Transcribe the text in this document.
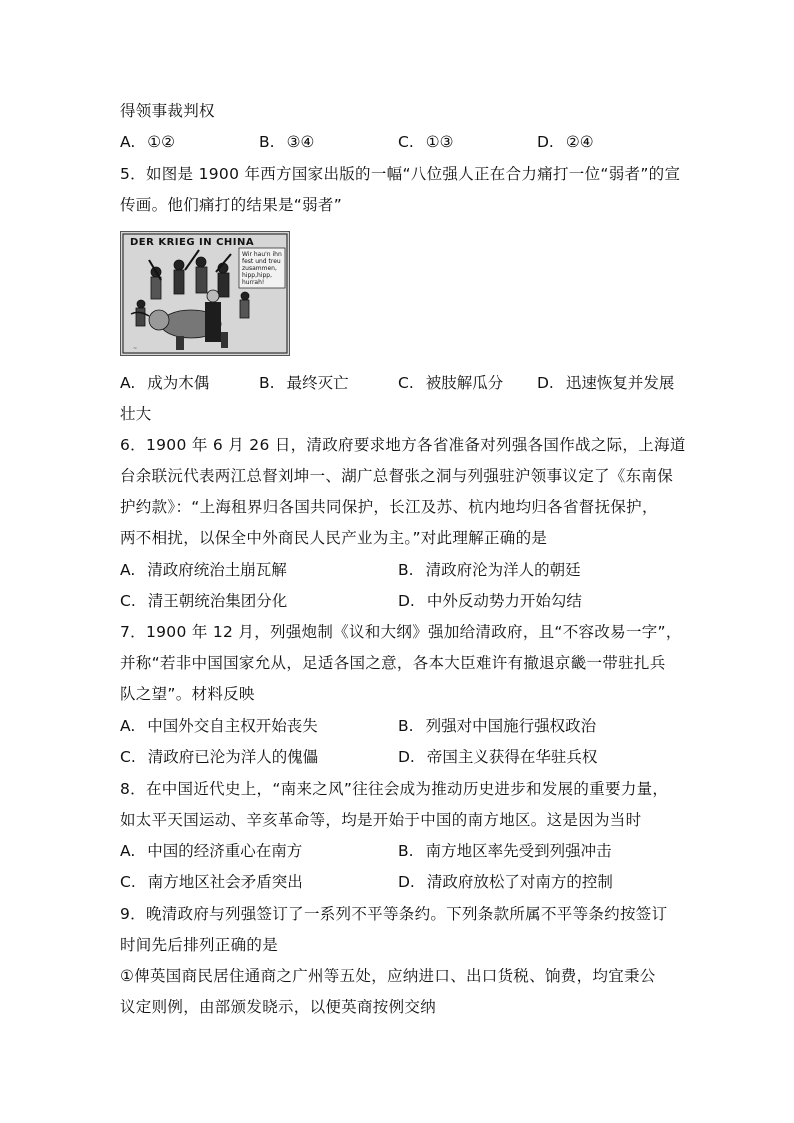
得领事裁判权
A. ①②	B. ③④	C. ①③	D. ②④
5．如图是 1900 年西方国家出版的一幅“八位强人正在合力痛打一位“弱者”的宣
传画。他们痛打的结果是“弱者”
DER KRIEG IN CHINA
Wir hau'n ihn
fest und treu
zusammen,
hipp,hipp,
hurrah!
~
A. 成为木偶	B. 最终灭亡	C. 被肢解瓜分 D. 迅速恢复并发展
壮大
6．1900 年 6 月 26 日，清政府要求地方各省准备对列强各国作战之际，上海道
台余联沅代表两江总督刘坤一、湖广总督张之洞与列强驻沪领事议定了《东南保
护约款》：“上海租界归各国共同保护，长江及苏、杭内地均归各省督抚保护，
两不相扰，以保全中外商民人民产业为主。”对此理解正确的是
A. 清政府统治土崩瓦解	B. 清政府沦为洋人的朝廷
C. 清王朝统治集团分化	D. 中外反动势力开始勾结
7．1900 年 12 月，列强炮制《议和大纲》强加给清政府，且“不容改易一字”，
并称“若非中国国家允从，足适各国之意，各本大臣难许有撤退京畿一带驻扎兵
队之望”。材料反映
A. 中国外交自主权开始丧失	B. 列强对中国施行强权政治
C. 清政府已沦为洋人的傀儡	D. 帝国主义获得在华驻兵权
8．在中国近代史上，“南来之风”往往会成为推动历史进步和发展的重要力量，
如太平天国运动、辛亥革命等，均是开始于中国的南方地区。这是因为当时
A. 中国的经济重心在南方	B. 南方地区率先受到列强冲击
C. 南方地区社会矛盾突出	D. 清政府放松了对南方的控制
9．晚清政府与列强签订了一系列不平等条约。下列条款所属不平等条约按签订
时间先后排列正确的是
①俾英国商民居住通商之广州等五处，应纳进口、出口货税、饷费，均宜秉公
议定则例，由部颁发晓示，以便英商按例交纳
